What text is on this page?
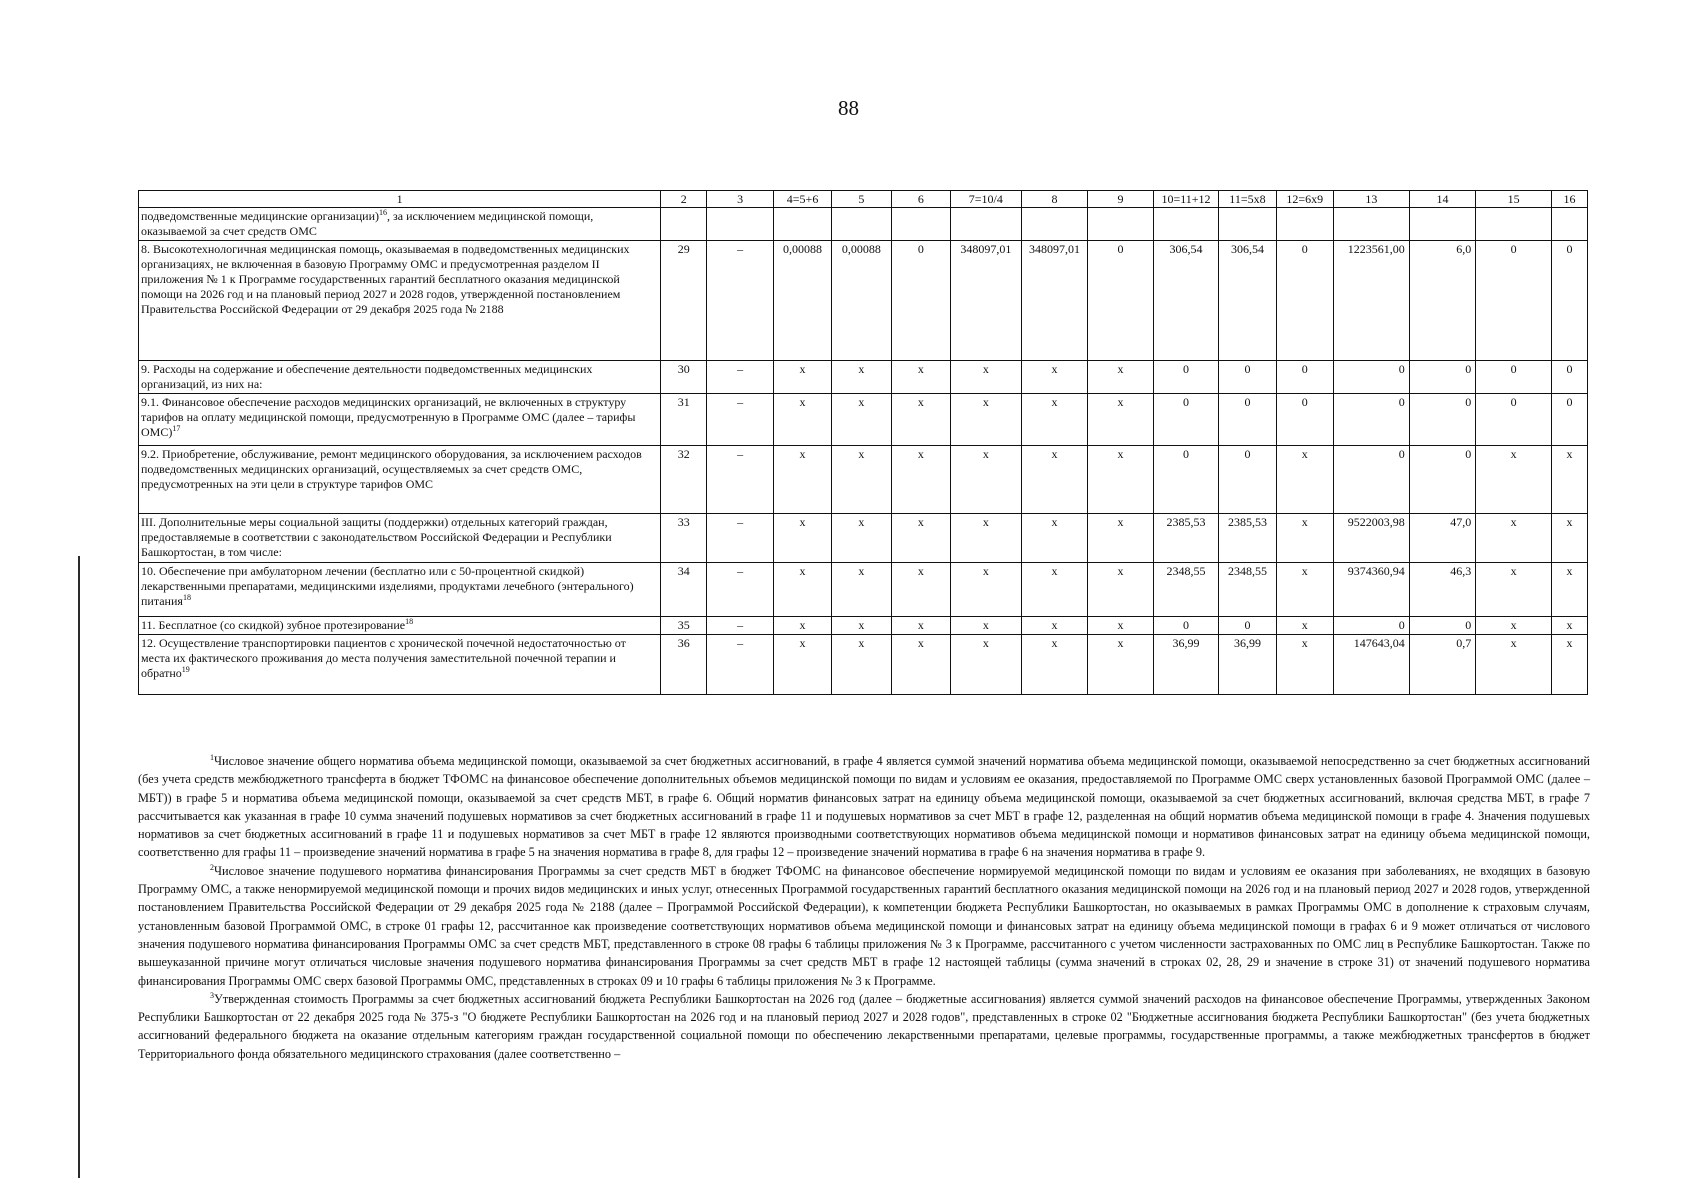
88
1	2	3	4=5+6	5	6	7=10/4	8	9	10=11+12	11=5x8	12=6x9	13	14	15	16
подведомственные медицинские организации)$^{16}$, за исключением медицинской помощи, оказываемой за счет средств ОМС															
8. Высокотехнологичная медицинская помощь, оказываемая в подведомственных медицинских организациях, не включенная в базовую Программу ОМС и предусмотренная разделом II приложения № 1 к Программе государственных гарантий бесплатного оказания медицинской помощи на 2026 год и на плановый период 2027 и 2028 годов, утвержденной постановлением Правительства Российской Федерации от 29 декабря 2025 года № 2188	29	–	0,00088	0,00088	0	348097,01	348097,01	0	306,54	306,54	0	1223561,00	6,0	0	0
9. Расходы на содержание и обеспечение деятельности подведомственных медицинских организаций, из них на:	30	–	x	x	x	x	x	x	0	0	0	0	0	0	0
9.1. Финансовое обеспечение расходов медицинских организаций, не включенных в структуру тарифов на оплату медицинской помощи, предусмотренную в Программе ОМС (далее – тарифы ОМС)$^{17}$	31	–	x	x	x	x	x	x	0	0	0	0	0	0	0
9.2. Приобретение, обслуживание, ремонт медицинского оборудования, за исключением расходов подведомственных медицинских организаций, осуществляемых за счет средств ОМС, предусмотренных на эти цели в структуре тарифов ОМС	32	–	x	x	x	x	x	x	0	0	x	0	0	x	x
III. Дополнительные меры социальной защиты (поддержки) отдельных категорий граждан, предоставляемые в соответствии с законодательством Российской Федерации и Республики Башкортостан, в том числе:	33	–	x	x	x	x	x	x	2385,53	2385,53	x	9522003,98	47,0	x	x
10. Обеспечение при амбулаторном лечении (бесплатно или с 50-процентной скидкой) лекарственными препаратами, медицинскими изделиями, продуктами лечебного (энтерального) питания$^{18}$	34	–	x	x	x	x	x	x	2348,55	2348,55	x	9374360,94	46,3	x	x
11. Бесплатное (со скидкой) зубное протезирование$^{18}$	35	–	x	x	x	x	x	x	0	0	x	0	0	x	x
12. Осуществление транспортировки пациентов с хронической почечной недостаточностью от места их фактического проживания до места получения заместительной почечной терапии и обратно$^{19}$	36	–	x	x	x	x	x	x	36,99	36,99	x	147643,04	0,7	x	x

$^1$Числовое значение общего норматива объема медицинской помощи, оказываемой за счет бюджетных ассигнований, в графе 4 является суммой значений норматива объема медицинской помощи, оказываемой непосредственно за счет бюджетных ассигнований (без учета средств межбюджетного трансферта в бюджет ТФОМС на финансовое обеспечение дополнительных объемов медицинской помощи по видам и условиям ее оказания, предоставляемой по Программе ОМС сверх установленных базовой Программой ОМС (далее – МБТ)) в графе 5 и норматива объема медицинской помощи, оказываемой за счет средств МБТ, в графе 6. Общий норматив финансовых затрат на единицу объема медицинской помощи, оказываемой за счет бюджетных ассигнований, включая средства МБТ, в графе 7 рассчитывается как указанная в графе 10 сумма значений подушевых нормативов за счет бюджетных ассигнований в графе 11 и подушевых нормативов за счет МБТ в графе 12, разделенная на общий норматив объема медицинской помощи в графе 4. Значения подушевых нормативов за счет бюджетных ассигнований в графе 11 и подушевых нормативов за счет МБТ в графе 12 являются производными соответствующих нормативов объема медицинской помощи и нормативов финансовых затрат на единицу объема медицинской помощи, соответственно для графы 11 – произведение значений норматива в графе 5 на значения норматива в графе 8, для графы 12 – произведение значений норматива в графе 6 на значения норматива в графе 9.

$^2$Числовое значение подушевого норматива финансирования Программы за счет средств МБТ в бюджет ТФОМС на финансовое обеспечение нормируемой медицинской помощи по видам и условиям ее оказания при заболеваниях, не входящих в базовую Программу ОМС, а также ненормируемой медицинской помощи и прочих видов медицинских и иных услуг, отнесенных Программой государственных гарантий бесплатного оказания медицинской помощи на 2026 год и на плановый период 2027 и 2028 годов, утвержденной постановлением Правительства Российской Федерации от 29 декабря 2025 года № 2188 (далее – Программой Российской Федерации), к компетенции бюджета Республики Башкортостан, но оказываемых в рамках Программы ОМС в дополнение к страховым случаям, установленным базовой Программой ОМС, в строке 01 графы 12, рассчитанное как произведение соответствующих нормативов объема медицинской помощи и финансовых затрат на единицу объема медицинской помощи в графах 6 и 9 может отличаться от числового значения подушевого норматива финансирования Программы ОМС за счет средств МБТ, представленного в строке 08 графы 6 таблицы приложения № 3 к Программе, рассчитанного с учетом численности застрахованных по ОМС лиц в Республике Башкортостан. Также по вышеуказанной причине могут отличаться числовые значения подушевого норматива финансирования Программы за счет средств МБТ в графе 12 настоящей таблицы (сумма значений в строках 02, 28, 29 и значение в строке 31) от значений подушевого норматива финансирования Программы ОМС сверх базовой Программы ОМС, представленных в строках 09 и 10 графы 6 таблицы приложения № 3 к Программе.

$^3$Утвержденная стоимость Программы за счет бюджетных ассигнований бюджета Республики Башкортостан на 2026 год (далее – бюджетные ассигнования) является суммой значений расходов на финансовое обеспечение Программы, утвержденных Законом Республики Башкортостан от 22 декабря 2025 года № 375-з "О бюджете Республики Башкортостан на 2026 год и на плановый период 2027 и 2028 годов", представленных в строке 02 "Бюджетные ассигнования бюджета Республики Башкортостан" (без учета бюджетных ассигнований федерального бюджета на оказание отдельным категориям граждан государственной социальной помощи по обеспечению лекарственными препаратами, целевые программы, государственные программы, а также межбюджетных трансфертов в бюджет Территориального фонда обязательного медицинского страхования (далее соответственно –
